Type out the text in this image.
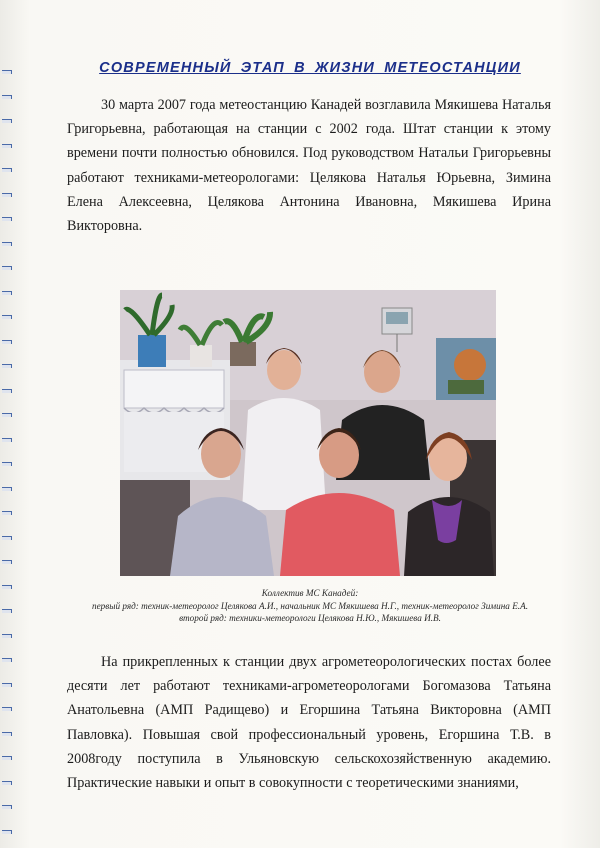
СОВРЕМЕННЫЙ ЭТАП В ЖИЗНИ МЕТЕОСТАНЦИИ

30 марта 2007 года метеостанцию Канадей возглавила Мякишева Наталья Григорьевна, работающая на станции с 2002 года. Штат станции к этому времени почти полностью обновился. Под руководством Натальи Григорьевны работают техниками-метеорологами: Целякова Наталья Юрьевна, Зимина Елена Алексеевна, Целякова Антонина Ивановна, Мякишева Ирина Викторовна.

Коллектив МС Канадей:
первый ряд: техник-метеоролог Целякова А.И., начальник МС Мякишева Н.Г., техник-метеоролог Зимина Е.А.
второй ряд: техники-метеорологи Целякова Н.Ю., Мякишева И.В.

На прикрепленных к станции двух агрометеорологических постах более десяти лет работают техниками-агрометеорологами Богомазова Татьяна Анатольевна (АМП Радищево) и Егоршина Татьяна Викторовна (АМП Павловка). Повышая свой профессиональный уровень, Егоршина Т.В. в 2008году поступила в Ульяновскую сельскохозяйственную академию. Практические навыки и опыт в совокупности с теоретическими знаниями,
